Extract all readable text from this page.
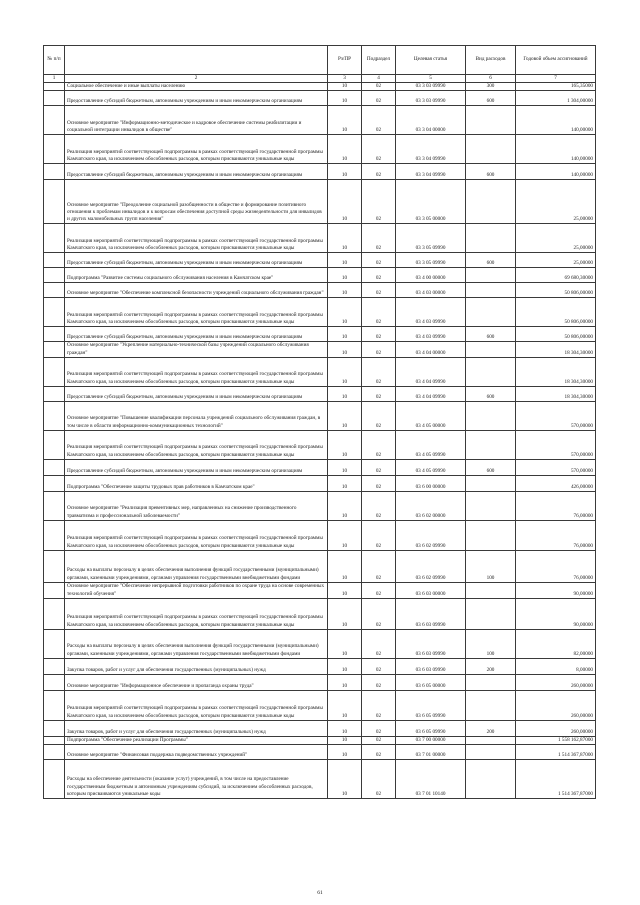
№ п/п		Рз/ПР	Подраздел	Целевая статья	Вид расходов	Годовой объем ассигнований
1	2	3	4	5	6	7
	Социальное обеспечение и иные выплаты населению	10	02	03 3 03 09990	300	165,35000
	Предоставление субсидий бюджетным, автономным учреждениям и иным некоммерческим организациям	10	02	03 3 03 09990	600	1 304,00000
	Основное мероприятие "Информационно-методическое и кадровое обеспечение системы реабилитации и социальной интеграции инвалидов в обществе"	10	02	03 3 04 00000		140,00000
	Реализация мероприятий соответствующей подпрограммы в рамках соответствующей государственной программы Камчатского края, за исключением обособленных расходов, которым присваиваются уникальные коды	10	02	03 3 04 09990		140,00000
	Предоставление субсидий бюджетным, автономным учреждениям и иным некоммерческим организациям	10	02	03 3 04 09990	600	140,00000
	Основное мероприятие "Преодоление социальной разобщенности в обществе и формирование позитивного отношения к проблемам инвалидов и к вопросам обеспечения доступной среды жизнедеятельности для инвалидов и других маломобильных групп населения"	10	02	03 3 05 00000		25,00000
	Реализация мероприятий соответствующей подпрограммы в рамках соответствующей государственной программы Камчатского края, за исключением обособленных расходов, которым присваиваются уникальные коды	10	02	03 3 05 09990		25,00000
	Предоставление субсидий бюджетным, автономным учреждениям и иным некоммерческим организациям	10	02	03 3 05 09990	600	25,00000
	Подпрограмма "Развитие системы социального обслуживания населения в Камчатском крае"	10	02	03 4 00 00000		69 680,30000
	Основное мероприятие "Обеспечение комплексной безопасности учреждений социального обслуживания граждан"	10	02	03 4 03 00000		50 806,00000
	Реализация мероприятий соответствующей подпрограммы в рамках соответствующей государственной программы Камчатского края, за исключением обособленных расходов, которым присваиваются уникальные коды	10	02	03 4 03 09990		50 806,00000
	Предоставление субсидий бюджетным, автономным учреждениям и иным некоммерческим организациям	10	02	03 4 03 09990	600	50 806,00000
	Основное мероприятие "Укрепление материально-технической базы учреждений социального обслуживания граждан"	10	02	03 4 04 00000		18 304,30000
	Реализация мероприятий соответствующей подпрограммы в рамках соответствующей государственной программы Камчатского края, за исключением обособленных расходов, которым присваиваются уникальные коды	10	02	03 4 04 09990		18 304,30000
	Предоставление субсидий бюджетным, автономным учреждениям и иным некоммерческим организациям	10	02	03 4 04 09990	600	18 304,30000
	Основное мероприятие "Повышение квалификации персонала учреждений социального обслуживания граждан, в том числе в области информационно-коммуникационных технологий"	10	02	03 4 05 00000		570,00000
	Реализация мероприятий соответствующей подпрограммы в рамках соответствующей государственной программы Камчатского края, за исключением обособленных расходов, которым присваиваются уникальные коды	10	02	03 4 05 09990		570,00000
	Предоставление субсидий бюджетным, автономным учреждениям и иным некоммерческим организациям	10	02	03 4 05 09990	600	570,00000
	Подпрограмма "Обеспечение защиты трудовых прав работников в Камчатском крае"	10	02	03 6 00 00000		426,00000
	Основное мероприятие "Реализация превентивных мер, направленных на снижение производственного травматизма и профессиональной заболеваемости"	10	02	03 6 02 00000		76,00000
	Реализация мероприятий соответствующей подпрограммы в рамках соответствующей государственной программы Камчатского края, за исключением обособленных расходов, которым присваиваются уникальные коды	10	02	03 6 02 09990		76,00000
	Расходы на выплаты персоналу в целях обеспечения выполнения функций государственными (муниципальными) органами, казенными учреждениями, органами управления государственными внебюджетными фондами	10	02	03 6 02 09990	100	76,00000
	Основное мероприятие "Обеспечение непрерывной подготовки работников по охране труда на основе современных технологий обучения"	10	02	03 6 03 00000		90,00000
	Реализация мероприятий соответствующей подпрограммы в рамках соответствующей государственной программы Камчатского края, за исключением обособленных расходов, которым присваиваются уникальные коды	10	02	03 6 03 09990		90,00000
	Расходы на выплаты персоналу в целях обеспечения выполнения функций государственными (муниципальными) органами, казенными учреждениями, органами управления государственными внебюджетными фондами	10	02	03 6 03 09990	100	82,00000
	Закупка товаров, работ и услуг для обеспечения государственных (муниципальных) нужд	10	02	03 6 03 09990	200	8,00000
	Основное мероприятие "Информационное обеспечение и пропаганда охраны труда"	10	02	03 6 05 00000		260,00000
	Реализация мероприятий соответствующей подпрограммы в рамках соответствующей государственной программы Камчатского края, за исключением обособленных расходов, которым присваиваются уникальные коды	10	02	03 6 05 09990		260,00000
	Закупка товаров, работ и услуг для обеспечения государственных (муниципальных) нужд	10	02	03 6 05 09990	200	260,00000
	Подпрограмма "Обеспечение реализации Программы"	10	02	03 7 00 00000		1 558 162,87000
	Основное мероприятие "Финансовая поддержка подведомственных учреждений"	10	02	03 7 01 00000		1 514 367,87000
	Расходы на обеспечение деятельности (оказание услуг) учреждений, в том числе на предоставление государственным бюджетным и автономным учреждениям субсидий, за исключением обособленных расходов, которым присваиваются уникальные коды	10	02	03 7 01 10140		1 514 367,87000
61
